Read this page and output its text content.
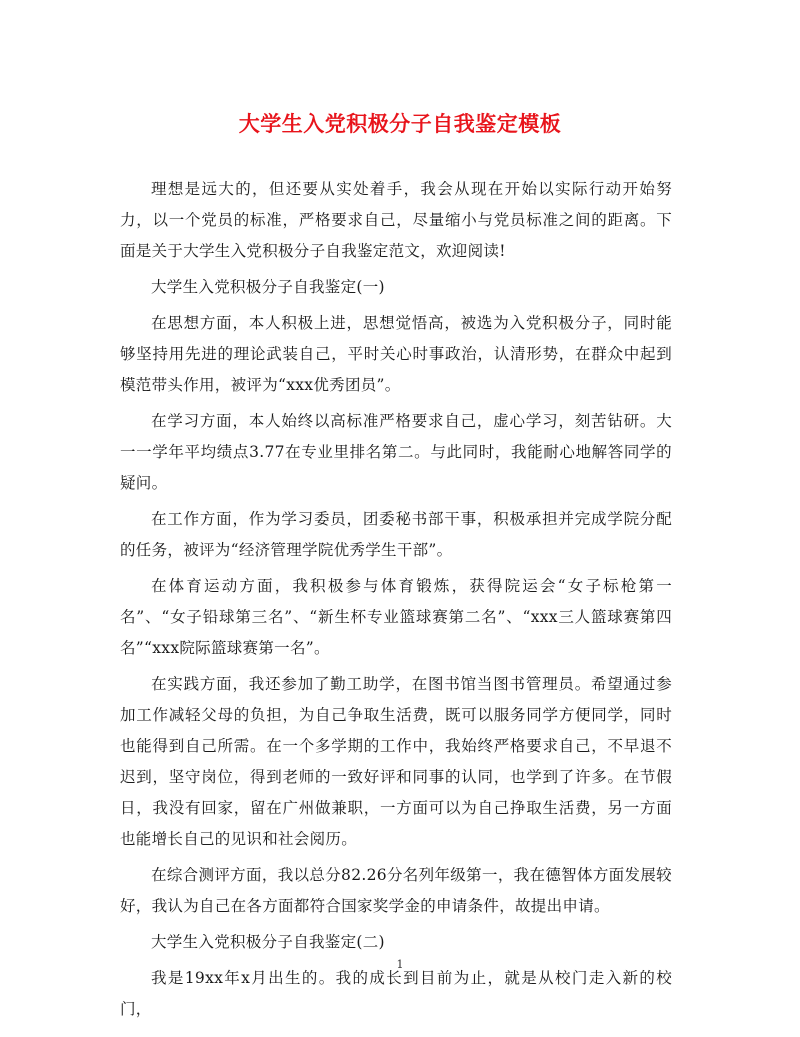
大学生入党积极分子自我鉴定模板

理想是远大的，但还要从实处着手，我会从现在开始以实际行动开始努力，以一个党员的标准，严格要求自己，尽量缩小与党员标准之间的距离。下面是关于大学生入党积极分子自我鉴定范文，欢迎阅读!

大学生入党积极分子自我鉴定(一)

在思想方面，本人积极上进，思想觉悟高，被选为入党积极分子，同时能够坚持用先进的理论武装自己，平时关心时事政治，认清形势，在群众中起到模范带头作用，被评为“xxx优秀团员”。

在学习方面，本人始终以高标准严格要求自己，虚心学习，刻苦钻研。大一一学年平均绩点3.77在专业里排名第二。与此同时，我能耐心地解答同学的疑问。

在工作方面，作为学习委员，团委秘书部干事，积极承担并完成学院分配的任务，被评为“经济管理学院优秀学生干部”。

在体育运动方面，我积极参与体育锻炼，获得院运会“女子标枪第一名”、“女子铅球第三名”、“新生杯专业篮球赛第二名”、“xxx三人篮球赛第四名”“xxx院际篮球赛第一名”。

在实践方面，我还参加了勤工助学，在图书馆当图书管理员。希望通过参加工作减轻父母的负担，为自己争取生活费，既可以服务同学方便同学，同时也能得到自己所需。在一个多学期的工作中，我始终严格要求自己，不早退不迟到，坚守岗位，得到老师的一致好评和同事的认同，也学到了许多。在节假日，我没有回家，留在广州做兼职，一方面可以为自己挣取生活费，另一方面也能增长自己的见识和社会阅历。

在综合测评方面，我以总分82.26分名列年级第一，我在德智体方面发展较好，我认为自己在各方面都符合国家奖学金的申请条件，故提出申请。

大学生入党积极分子自我鉴定(二)

我是19xx年x月出生的。我的成长到目前为止，就是从校门走入新的校门，

1
